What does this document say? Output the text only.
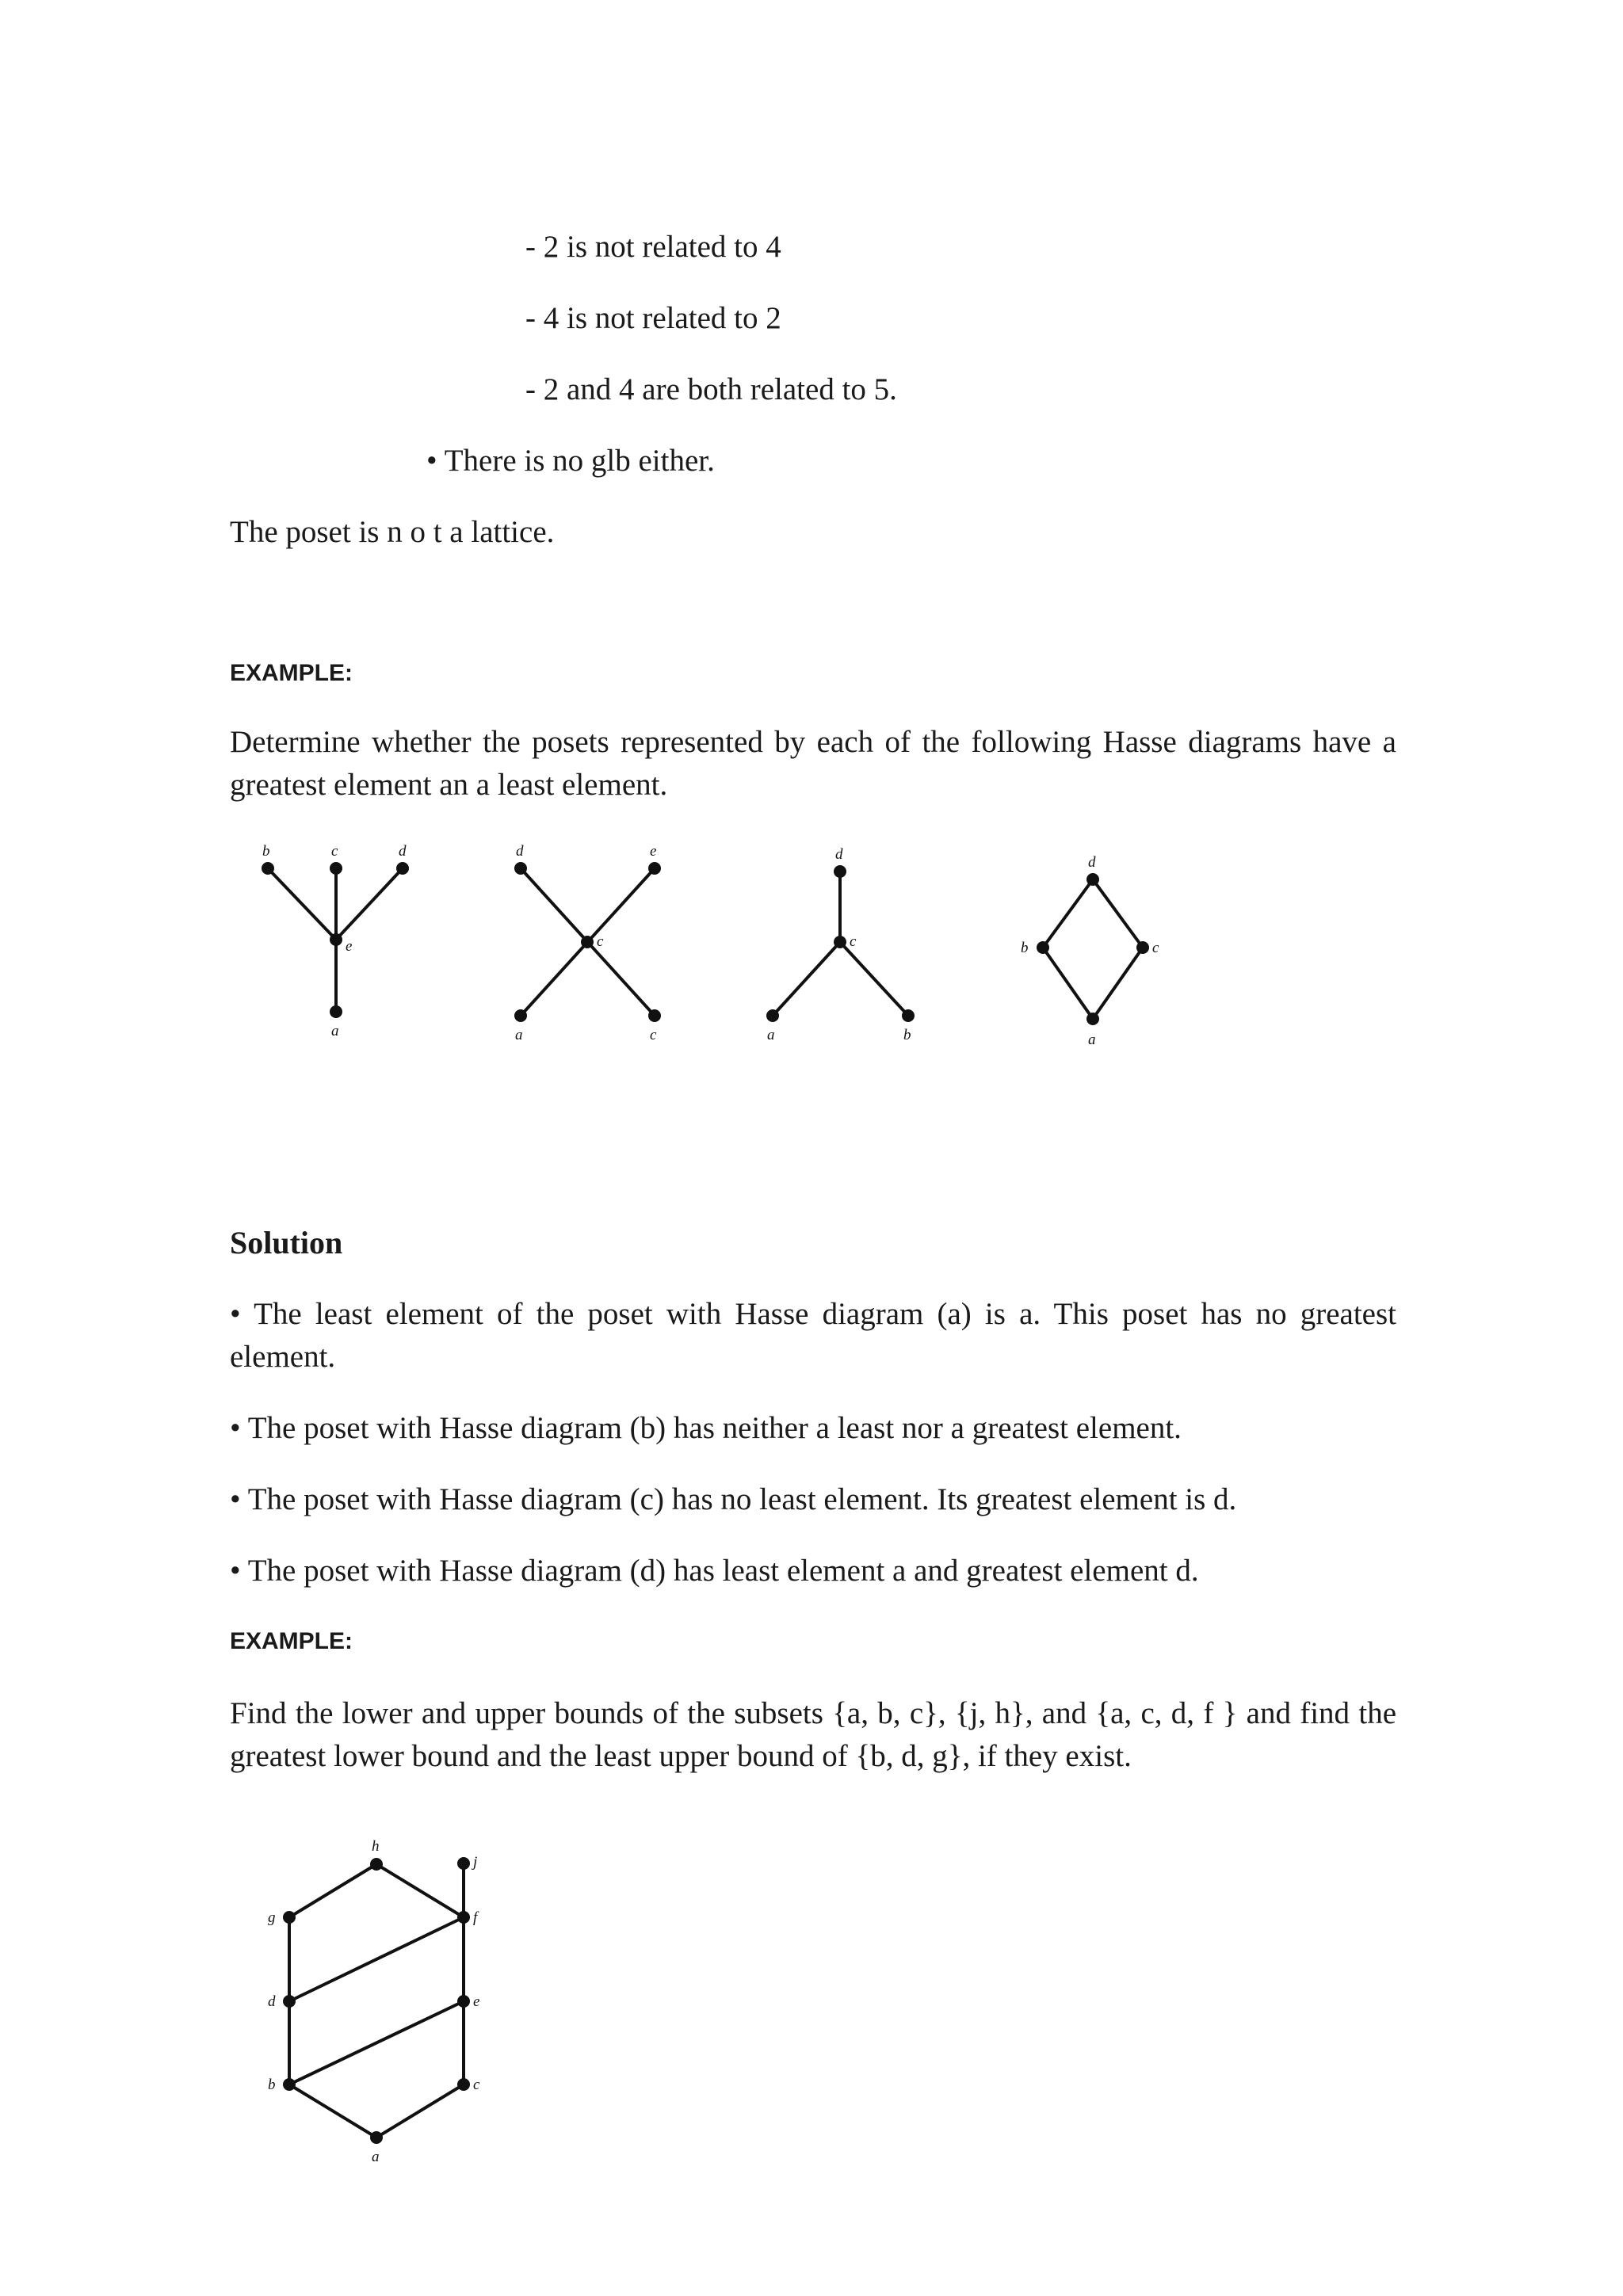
- 2 is not related to 4
- 4 is not related to 2
- 2 and 4 are both related to 5.
• There is no glb either.
The poset is n o t a lattice.
EXAMPLE:
Determine whether the posets represented by each of the following Hasse diagrams have a greatest element an a least element.
b	c	d
e
a
d	e
c
a	c
d
c
a	b
d
b	c
a
Solution
• The least element of the poset with Hasse diagram (a) is a. This poset has no greatest element.
• The poset with Hasse diagram (b) has neither a least nor a greatest element.
• The poset with Hasse diagram (c) has no least element. Its greatest element is d.
• The poset with Hasse diagram (d) has least element a and greatest element d.
EXAMPLE:
Find the lower and upper bounds of the subsets {a, b, c}, {j, h}, and {a, c, d, f } and find the greatest lower bound and the least upper bound of {b, d, g}, if they exist.
h
j
g	f
d	e
b	c
a
